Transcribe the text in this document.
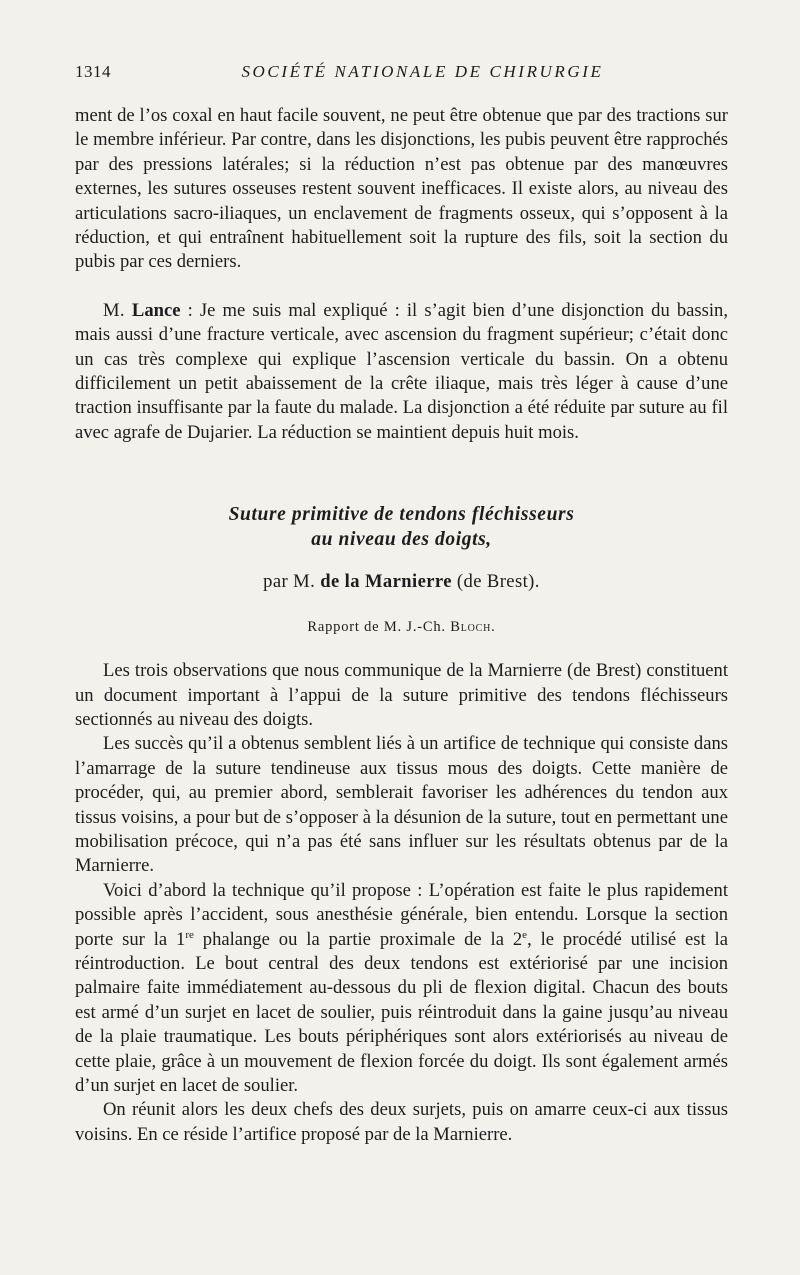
1314	SOCIÉTÉ NATIONALE DE CHIRURGIE

ment de l’os coxal en haut facile souvent, ne peut être obtenue que par des tractions sur le membre inférieur. Par contre, dans les disjonctions, les pubis peuvent être rapprochés par des pressions latérales; si la réduction n’est pas obtenue par des manœuvres externes, les sutures osseuses restent souvent inefficaces. Il existe alors, au niveau des articulations sacro-iliaques, un enclavement de fragments osseux, qui s’opposent à la réduction, et qui entraînent habituellement soit la rupture des fils, soit la section du pubis par ces derniers.

M. Lance : Je me suis mal expliqué : il s’agit bien d’une disjonction du bassin, mais aussi d’une fracture verticale, avec ascension du fragment supérieur; c’était donc un cas très complexe qui explique l’ascension verticale du bassin. On a obtenu difficilement un petit abaissement de la crête iliaque, mais très léger à cause d’une traction insuffisante par la faute du malade. La disjonction a été réduite par suture au fil avec agrafe de Dujarier. La réduction se maintient depuis huit mois.

Suture primitive de tendons fléchisseurs
au niveau des doigts,

par M. de la Marnierre (de Brest).

Rapport de M. J.-Ch. Bloch.

Les trois observations que nous communique de la Marnierre (de Brest) constituent un document important à l’appui de la suture primitive des tendons fléchisseurs sectionnés au niveau des doigts.

Les succès qu’il a obtenus semblent liés à un artifice de technique qui consiste dans l’amarrage de la suture tendineuse aux tissus mous des doigts. Cette manière de procéder, qui, au premier abord, semblerait favoriser les adhérences du tendon aux tissus voisins, a pour but de s’opposer à la désunion de la suture, tout en permettant une mobilisation précoce, qui n’a pas été sans influer sur les résultats obtenus par de la Marnierre.

Voici d’abord la technique qu’il propose : L’opération est faite le plus rapidement possible après l’accident, sous anesthésie générale, bien entendu. Lorsque la section porte sur la 1re phalange ou la partie proximale de la 2e, le procédé utilisé est la réintroduction. Le bout central des deux tendons est extériorisé par une incision palmaire faite immédiatement au-dessous du pli de flexion digital. Chacun des bouts est armé d’un surjet en lacet de soulier, puis réintroduit dans la gaine jusqu’au niveau de la plaie traumatique. Les bouts périphériques sont alors extériorisés au niveau de cette plaie, grâce à un mouvement de flexion forcée du doigt. Ils sont également armés d’un surjet en lacet de soulier.

On réunit alors les deux chefs des deux surjets, puis on amarre ceux-ci aux tissus voisins. En ce réside l’artifice proposé par de la Marnierre.
